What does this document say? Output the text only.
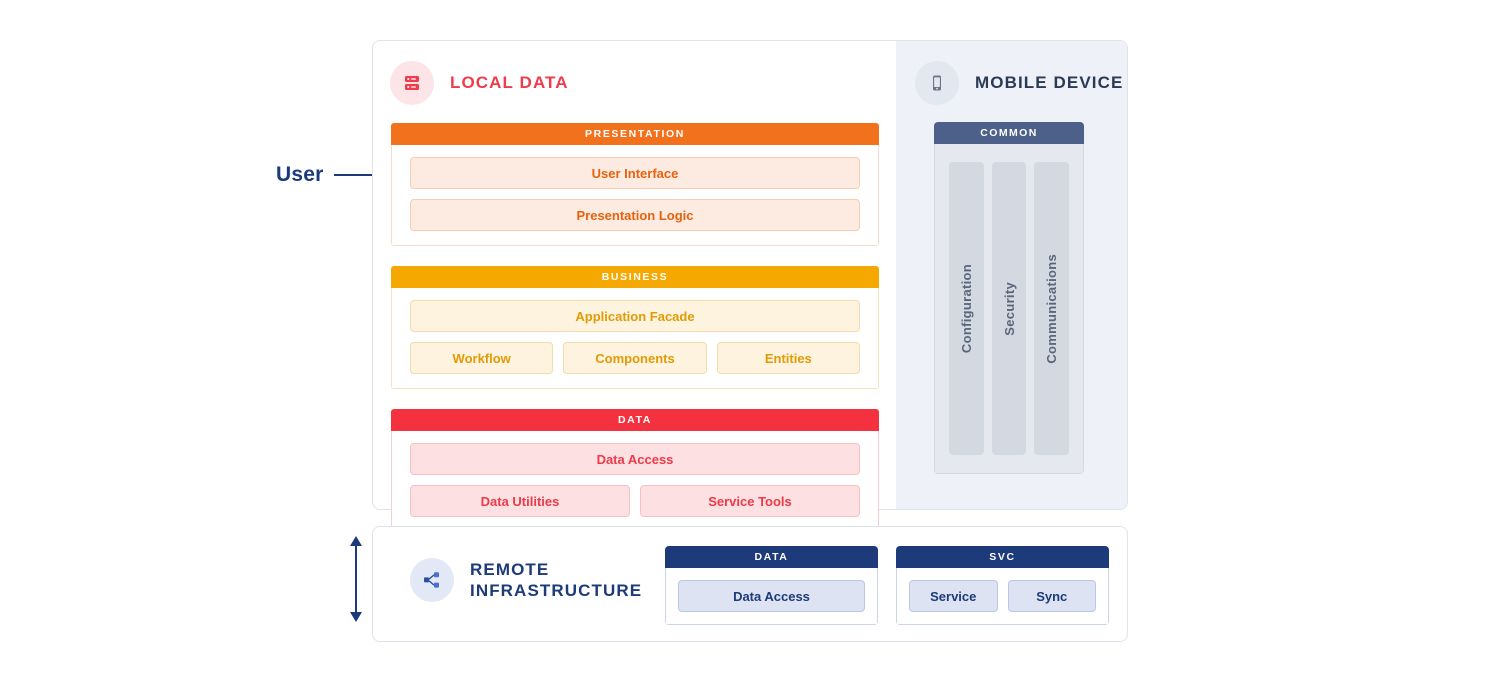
User
LOCAL DATA	MOBILE DEVICE
PRESENTATION
User Interface
Presentation Logic
BUSINESS
Application Facade
Workflow	Components	Entities
DATA
Data Access
Data Utilities	Service Tools
COMMON
Configuration Security Communications
REMOTE
INFRASTRUCTURE
DATA
Data Access
SVC
Service	Sync
